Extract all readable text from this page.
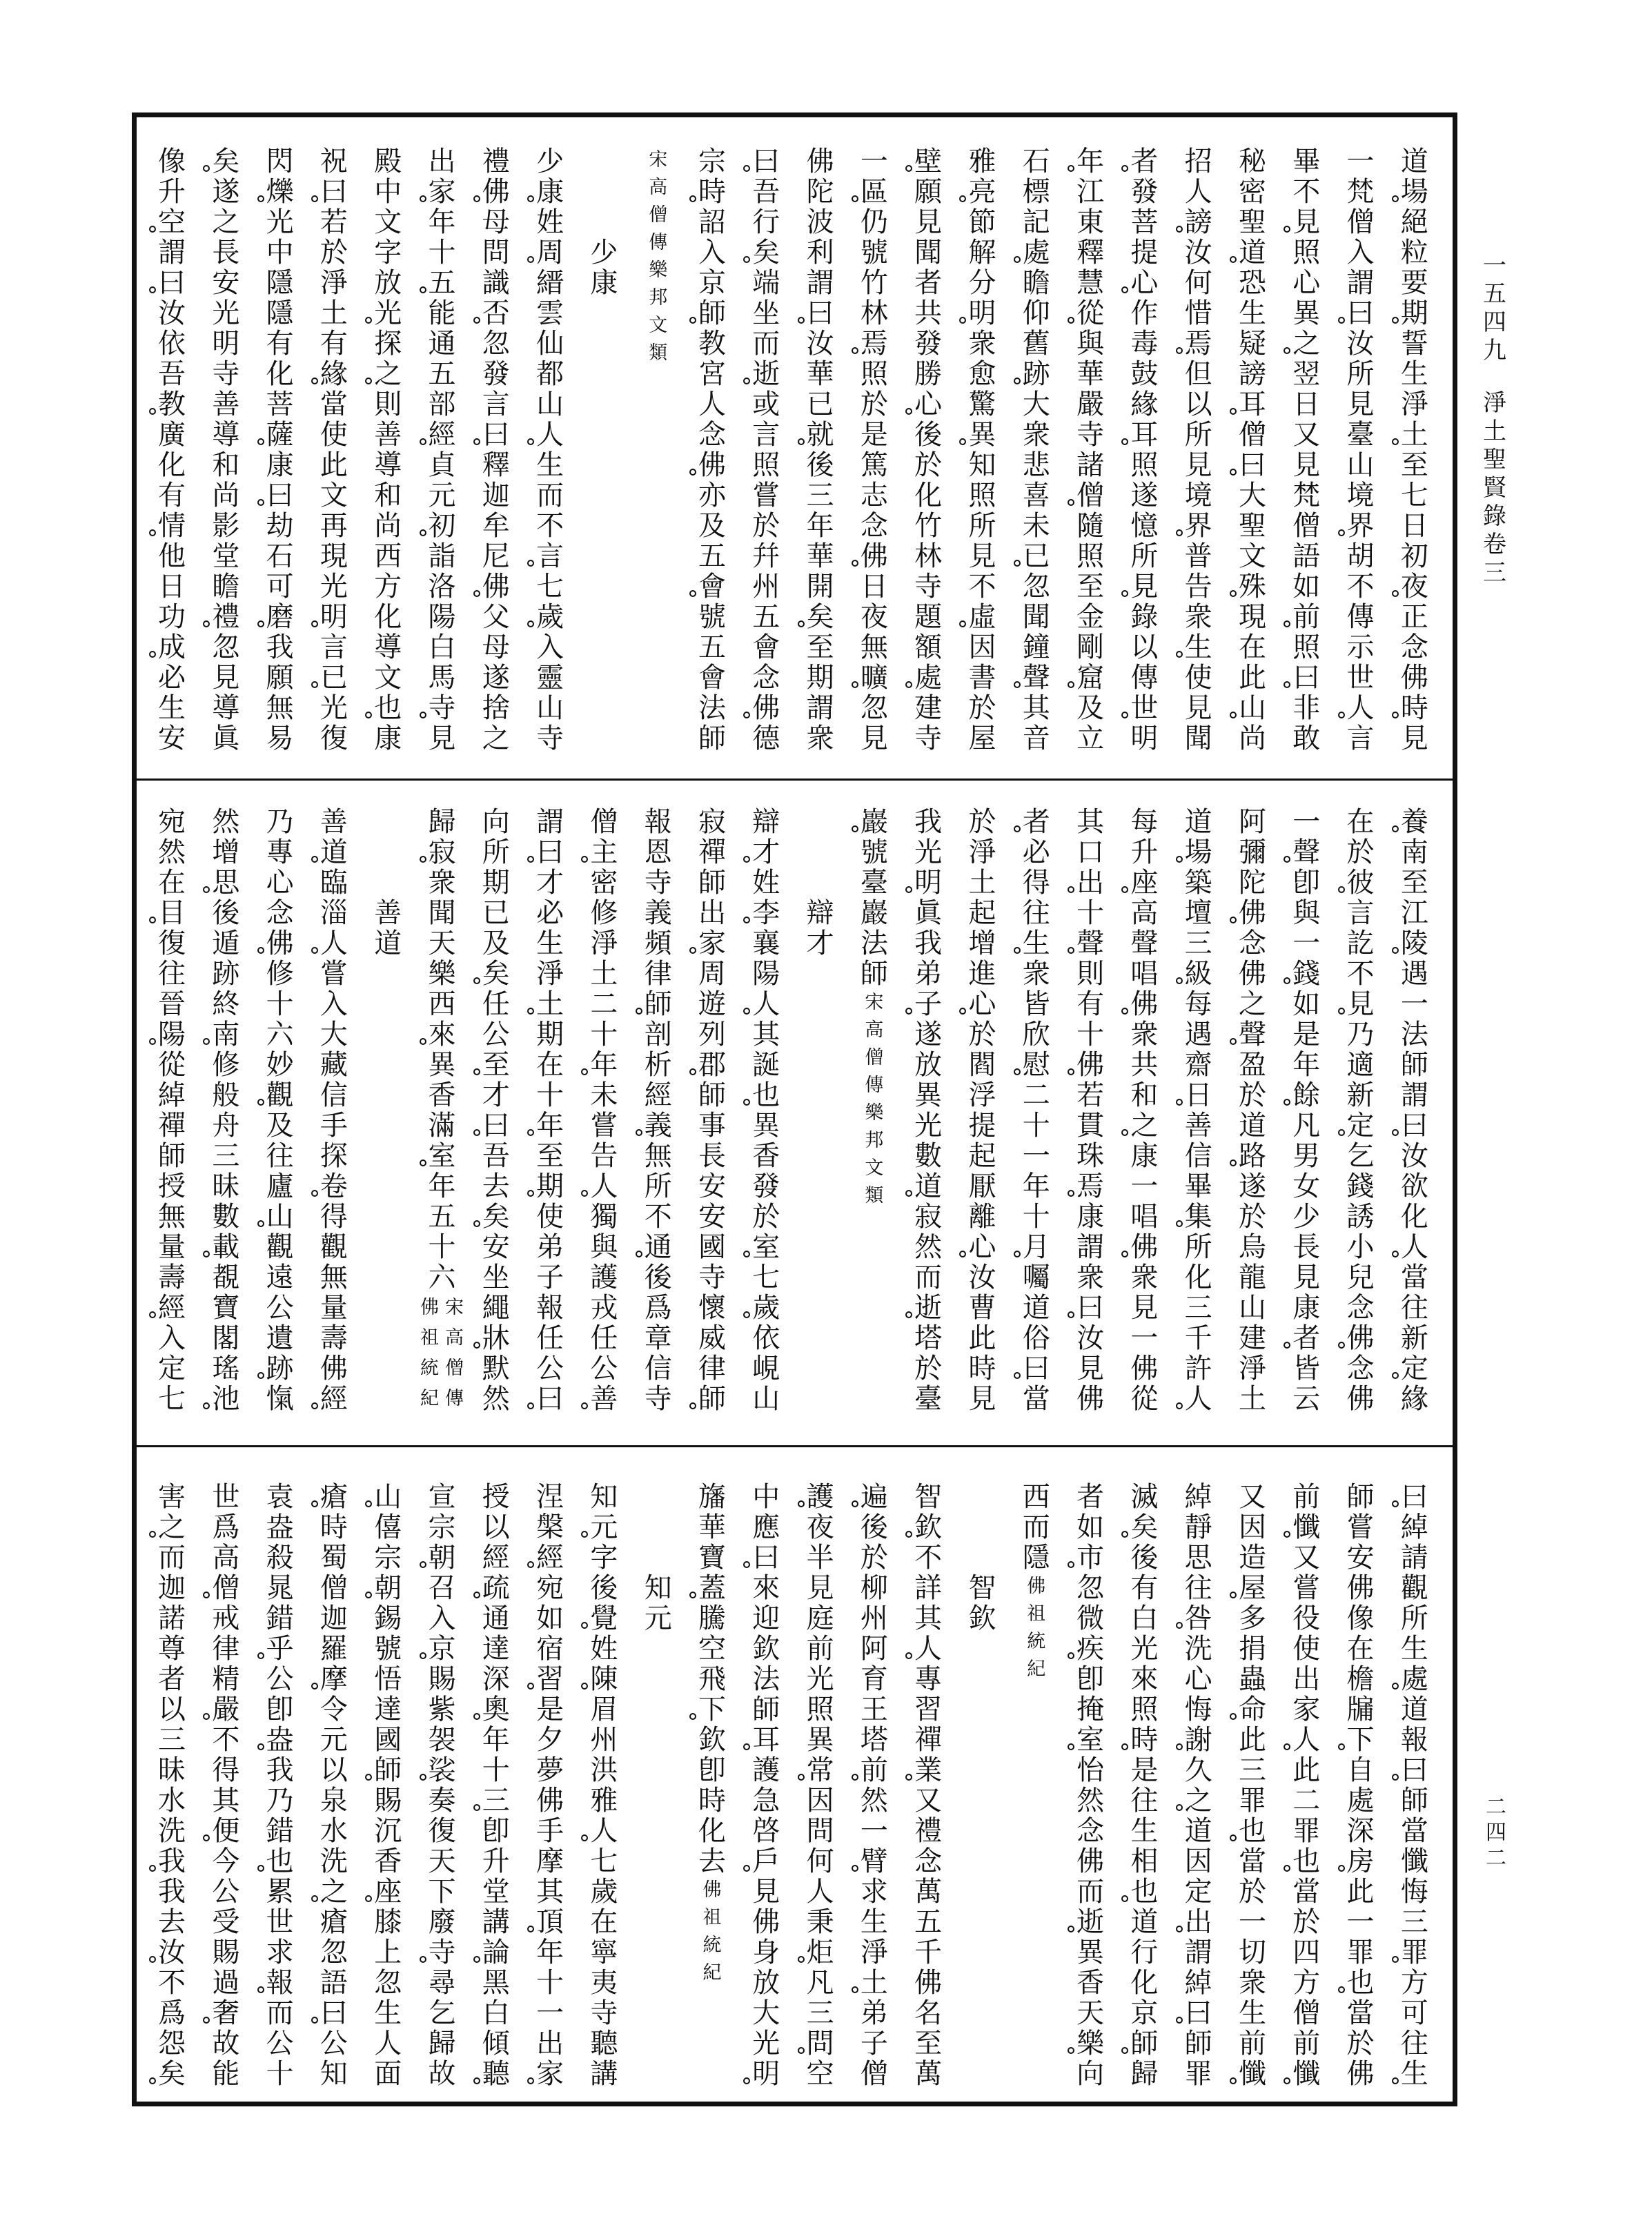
一
五
四
九
淨
土
聖
賢
錄
卷
三
道
場
絕
粒
要
期
誓
生
淨
土
至
七
日
初
夜
正
念
佛
時
見
一
梵
僧
入
謂
曰
汝
所
見
臺
山
境
界
胡
不
傳
示
世
人
言
畢
不
見
照
心
異
之
翌
日
又
見
梵
僧
語
如
前
照
曰
非
敢
秘
密
聖
道
恐
生
疑
謗
耳
僧
曰
大
聖
文
殊
現
在
此
山
尚
招
人
謗
汝
何
惜
焉
但
以
所
見
境
界
普
告
衆
生
使
見
聞
者
發
菩
提
心
作
毒
鼓
緣
耳
照
遂
憶
所
見
錄
以
傳
世
明
年
江
東
釋
慧
從
與
華
嚴
寺
諸
僧
隨
照
至
金
剛
窟
及
立
石
標
記
處
瞻
仰
舊
跡
大
衆
悲
喜
未
已
忽
聞
鐘
聲
其
音
雅
亮
節
解
分
明
衆
愈
驚
異
知
照
所
見
不
虛
因
書
於
屋
壁
願
見
聞
者
共
發
勝
心
後
於
化
竹
林
寺
題
額
處
建
寺
一
區
仍
號
竹
林
焉
照
於
是
篤
志
念
佛
日
夜
無
曠
忽
見
佛
陀
波
利
謂
曰
汝
華
已
就
後
三
年
華
開
矣
至
期
謂
衆
曰
吾
行
矣
端
坐
而
逝
或
言
照
嘗
於
幷
州
五
會
念
佛
德
宗
時
詔
入
京
師
教
宮
人
念
佛
亦
及
五
會
號
五
會
法
師
宋
高
僧
傳
樂
邦
文
類
少
康
少
康
姓
周
縉
雲
仙
都
山
人
生
而
不
言
七
歲
入
靈
山
寺
禮
佛
母
問
識
否
忽
發
言
曰
釋
迦
牟
尼
佛
父
母
遂
捨
之
出
家
年
十
五
能
通
五
部
經
貞
元
初
詣
洛
陽
白
馬
寺
見
殿
中
文
字
放
光
探
之
則
善
導
和
尚
西
方
化
導
文
也
康
祝
曰
若
於
淨
土
有
緣
當
使
此
文
再
現
光
明
言
已
光
復
閃
爍
光
中
隱
隱
有
化
菩
薩
康
曰
劫
石
可
磨
我
願
無
易
矣
遂
之
長
安
光
明
寺
善
導
和
尚
影
堂
瞻
禮
忽
見
導
眞
像
升
空
謂
曰
汝
依
吾
教
廣
化
有
情
他
日
功
成
必
生
安
養
南
至
江
陵
遇
一
法
師
謂
曰
汝
欲
化
人
當
往
新
定
緣
在
於
彼
言
訖
不
見
乃
適
新
定
乞
錢
誘
小
兒
念
佛
念
佛
一
聲
卽
與
一
錢
如
是
年
餘
凡
男
女
少
長
見
康
者
皆
云
阿
彌
陀
佛
念
佛
之
聲
盈
於
道
路
遂
於
烏
龍
山
建
淨
土
道
場
築
壇
三
級
每
遇
齋
日
善
信
畢
集
所
化
三
千
許
人
每
升
座
高
聲
唱
佛
衆
共
和
之
康
一
唱
佛
衆
見
一
佛
從
其
口
出
十
聲
則
有
十
佛
若
貫
珠
焉
康
謂
衆
曰
汝
見
佛
者
必
得
往
生
衆
皆
欣
慰
二
十
一
年
十
月
囑
道
俗
曰
當
於
淨
土
起
增
進
心
於
閻
浮
提
起
厭
離
心
汝
曹
此
時
見
我
光
明
眞
我
弟
子
遂
放
異
光
數
道
寂
然
而
逝
塔
於
臺
巖
號
臺
巖
法
師
宋
高
僧
傳
樂
邦
文
類
辯
才
辯
才
姓
李
襄
陽
人
其
誕
也
異
香
發
於
室
七
歲
依
峴
山
寂
禪
師
出
家
周
遊
列
郡
師
事
長
安
安
國
寺
懷
威
律
師
報
恩
寺
義
頻
律
師
剖
析
經
義
無
所
不
通
後
爲
章
信
寺
僧
主
密
修
淨
土
二
十
年
未
嘗
告
人
獨
與
護
戎
任
公
善
謂
曰
才
必
生
淨
土
期
在
十
年
至
期
使
弟
子
報
任
公
曰
向
所
期
已
及
矣
任
公
至
才
曰
吾
去
矣
安
坐
繩
牀
默
然
歸
寂
衆
聞
天
樂
西
來
異
香
滿
室
年
五
十
六
宋
高
僧
傳
佛
祖
統
紀
善
道
善
道
臨
淄
人
嘗
入
大
藏
信
手
探
卷
得
觀
無
量
壽
佛
經
乃
專
心
念
佛
修
十
六
妙
觀
及
往
廬
山
觀
遠
公
遺
跡
愾
然
增
思
後
遁
跡
終
南
修
般
舟
三
昧
數
載
覩
寶
閣
瑤
池
宛
然
在
目
復
往
晉
陽
從
綽
禪
師
授
無
量
壽
經
入
定
七
曰
綽
請
觀
所
生
處
道
報
曰
師
當
懺
悔
三
罪
方
可
往
生
師
嘗
安
佛
像
在
檐
牖
下
自
處
深
房
此
一
罪
也
當
於
佛
前
懺
又
嘗
役
使
出
家
人
此
二
罪
也
當
於
四
方
僧
前
懺
又
因
造
屋
多
捐
蟲
命
此
三
罪
也
當
於
一
切
衆
生
前
懺
綽
靜
思
往
咎
洗
心
悔
謝
久
之
道
因
定
出
謂
綽
曰
師
罪
滅
矣
後
有
白
光
來
照
時
是
往
生
相
也
道
行
化
京
師
歸
者
如
市
忽
微
疾
卽
掩
室
怡
然
念
佛
而
逝
異
香
天
樂
向
西
而
隱
佛
祖
統
紀
智
欽
智
欽
不
詳
其
人
專
習
禪
業
又
禮
念
萬
五
千
佛
名
至
萬
遍
後
於
柳
州
阿
育
王
塔
前
然
一
臂
求
生
淨
土
弟
子
僧
護
夜
半
見
庭
前
光
照
異
常
因
問
何
人
秉
炬
凡
三
問
空
中
應
曰
來
迎
欽
法
師
耳
護
急
啓
戶
見
佛
身
放
大
光
明
旛
華
寶
蓋
騰
空
飛
下
欽
卽
時
化
去
佛
祖
統
紀
知
元
知
元
字
後
覺
姓
陳
眉
州
洪
雅
人
七
歲
在
寧
夷
寺
聽
講
涅
槃
經
宛
如
宿
習
是
夕
夢
佛
手
摩
其
頂
年
十
一
出
家
授
以
經
疏
通
達
深
奧
年
十
三
卽
升
堂
講
論
黑
白
傾
聽
宣
宗
朝
召
入
京
賜
紫
袈
裟
奏
復
天
下
廢
寺
尋
乞
歸
故
山
僖
宗
朝
錫
號
悟
達
國
師
賜
沉
香
座
膝
上
忽
生
人
面
瘡
時
蜀
僧
迦
羅
摩
令
元
以
泉
水
洗
之
瘡
忽
語
曰
公
知
袁
盎
殺
晁
錯
乎
公
卽
盎
我
乃
錯
也
累
世
求
報
而
公
十
世
爲
高
僧
戒
律
精
嚴
不
得
其
便
今
公
受
賜
過
奢
故
能
害
之
而
迦
諾
尊
者
以
三
昧
水
洗
我
我
去
汝
不
爲
怨
矣
二
四
二
